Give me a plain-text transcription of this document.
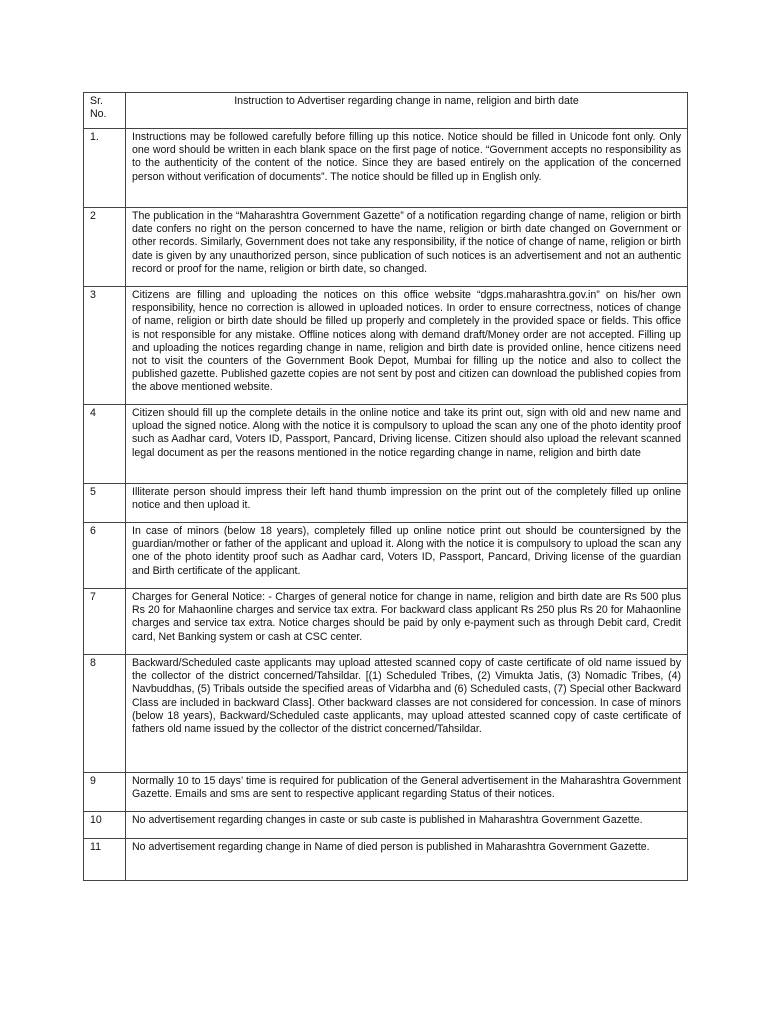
Sr. No.	Instruction to Advertiser regarding change in name, religion and birth date
1.	Instructions may be followed carefully before filling up this notice. Notice should be filled in Unicode font only. Only one word should be written in each blank space on the first page of notice. “Government accepts no responsibility as to the authenticity of the content of the notice. Since they are based entirely on the application of the concerned person without verification of documents”. The notice should be filled up in English only.
2	The publication in the “Maharashtra Government Gazette” of a notification regarding change of name, religion or birth date confers no right on the person concerned to have the name, religion or birth date changed on Government or other records. Similarly, Government does not take any responsibility, if the notice of change of name, religion or birth date is given by any unauthorized person, since publication of such notices is an advertisement and not an authentic record or proof for the name, religion or birth date, so changed.
3	Citizens are filling and uploading the notices on this office website “dgps.maharashtra.gov.in” on his/her own responsibility, hence no correction is allowed in uploaded notices. In order to ensure correctness, notices of change of name, religion or birth date should be filled up properly and completely in the provided space or fields. This office is not responsible for any mistake. Offline notices along with demand draft/Money order are not accepted. Filling up and uploading the notices regarding change in name, religion and birth date is provided online, hence citizens need not to visit the counters of the Government Book Depot, Mumbai for filling up the notice and also to collect the published gazette. Published gazette copies are not sent by post and citizen can download the published copies from the above mentioned website.
4	Citizen should fill up the complete details in the online notice and take its print out, sign with old and new name and upload the signed notice. Along with the notice it is compulsory to upload the scan any one of the photo identity proof such as Aadhar card, Voters ID, Passport, Pancard, Driving license. Citizen should also upload the relevant scanned legal document as per the reasons mentioned in the notice regarding change in name, religion and birth date
5	Illiterate person should impress their left hand thumb impression on the print out of the completely filled up online notice and then upload it.
6	In case of minors (below 18 years), completely filled up online notice print out should be countersigned by the guardian/mother or father of the applicant and upload it. Along with the notice it is compulsory to upload the scan any one of the photo identity proof such as Aadhar card, Voters ID, Passport, Pancard, Driving license of the guardian and Birth certificate of the applicant.
7	Charges for General Notice: - Charges of general notice for change in name, religion and birth date are Rs 500 plus Rs 20 for Mahaonline charges and service tax extra. For backward class applicant Rs 250 plus Rs 20 for Mahaonline charges and service tax extra. Notice charges should be paid by only e-payment such as through Debit card, Credit card, Net Banking system or cash at CSC center.
8	Backward/Scheduled caste applicants may upload attested scanned copy of caste certificate of old name issued by the collector of the district concerned/Tahsildar. [(1) Scheduled Tribes, (2) Vimukta Jatis, (3) Nomadic Tribes, (4) Navbuddhas, (5) Tribals outside the specified areas of Vidarbha and (6) Scheduled casts, (7) Special other Backward Class are included in backward Class]. Other backward classes are not considered for concession. In case of minors (below 18 years), Backward/Scheduled caste applicants, may upload attested scanned copy of caste certificate of fathers old name issued by the collector of the district concerned/Tahsildar.
9	Normally 10 to 15 days’ time is required for publication of the General advertisement in the Maharashtra Government Gazette. Emails and sms are sent to respective applicant regarding Status of their notices.
10	No advertisement regarding changes in caste or sub caste is published in Maharashtra Government Gazette.
11	No advertisement regarding change in Name of died person is published in Maharashtra Government Gazette.
